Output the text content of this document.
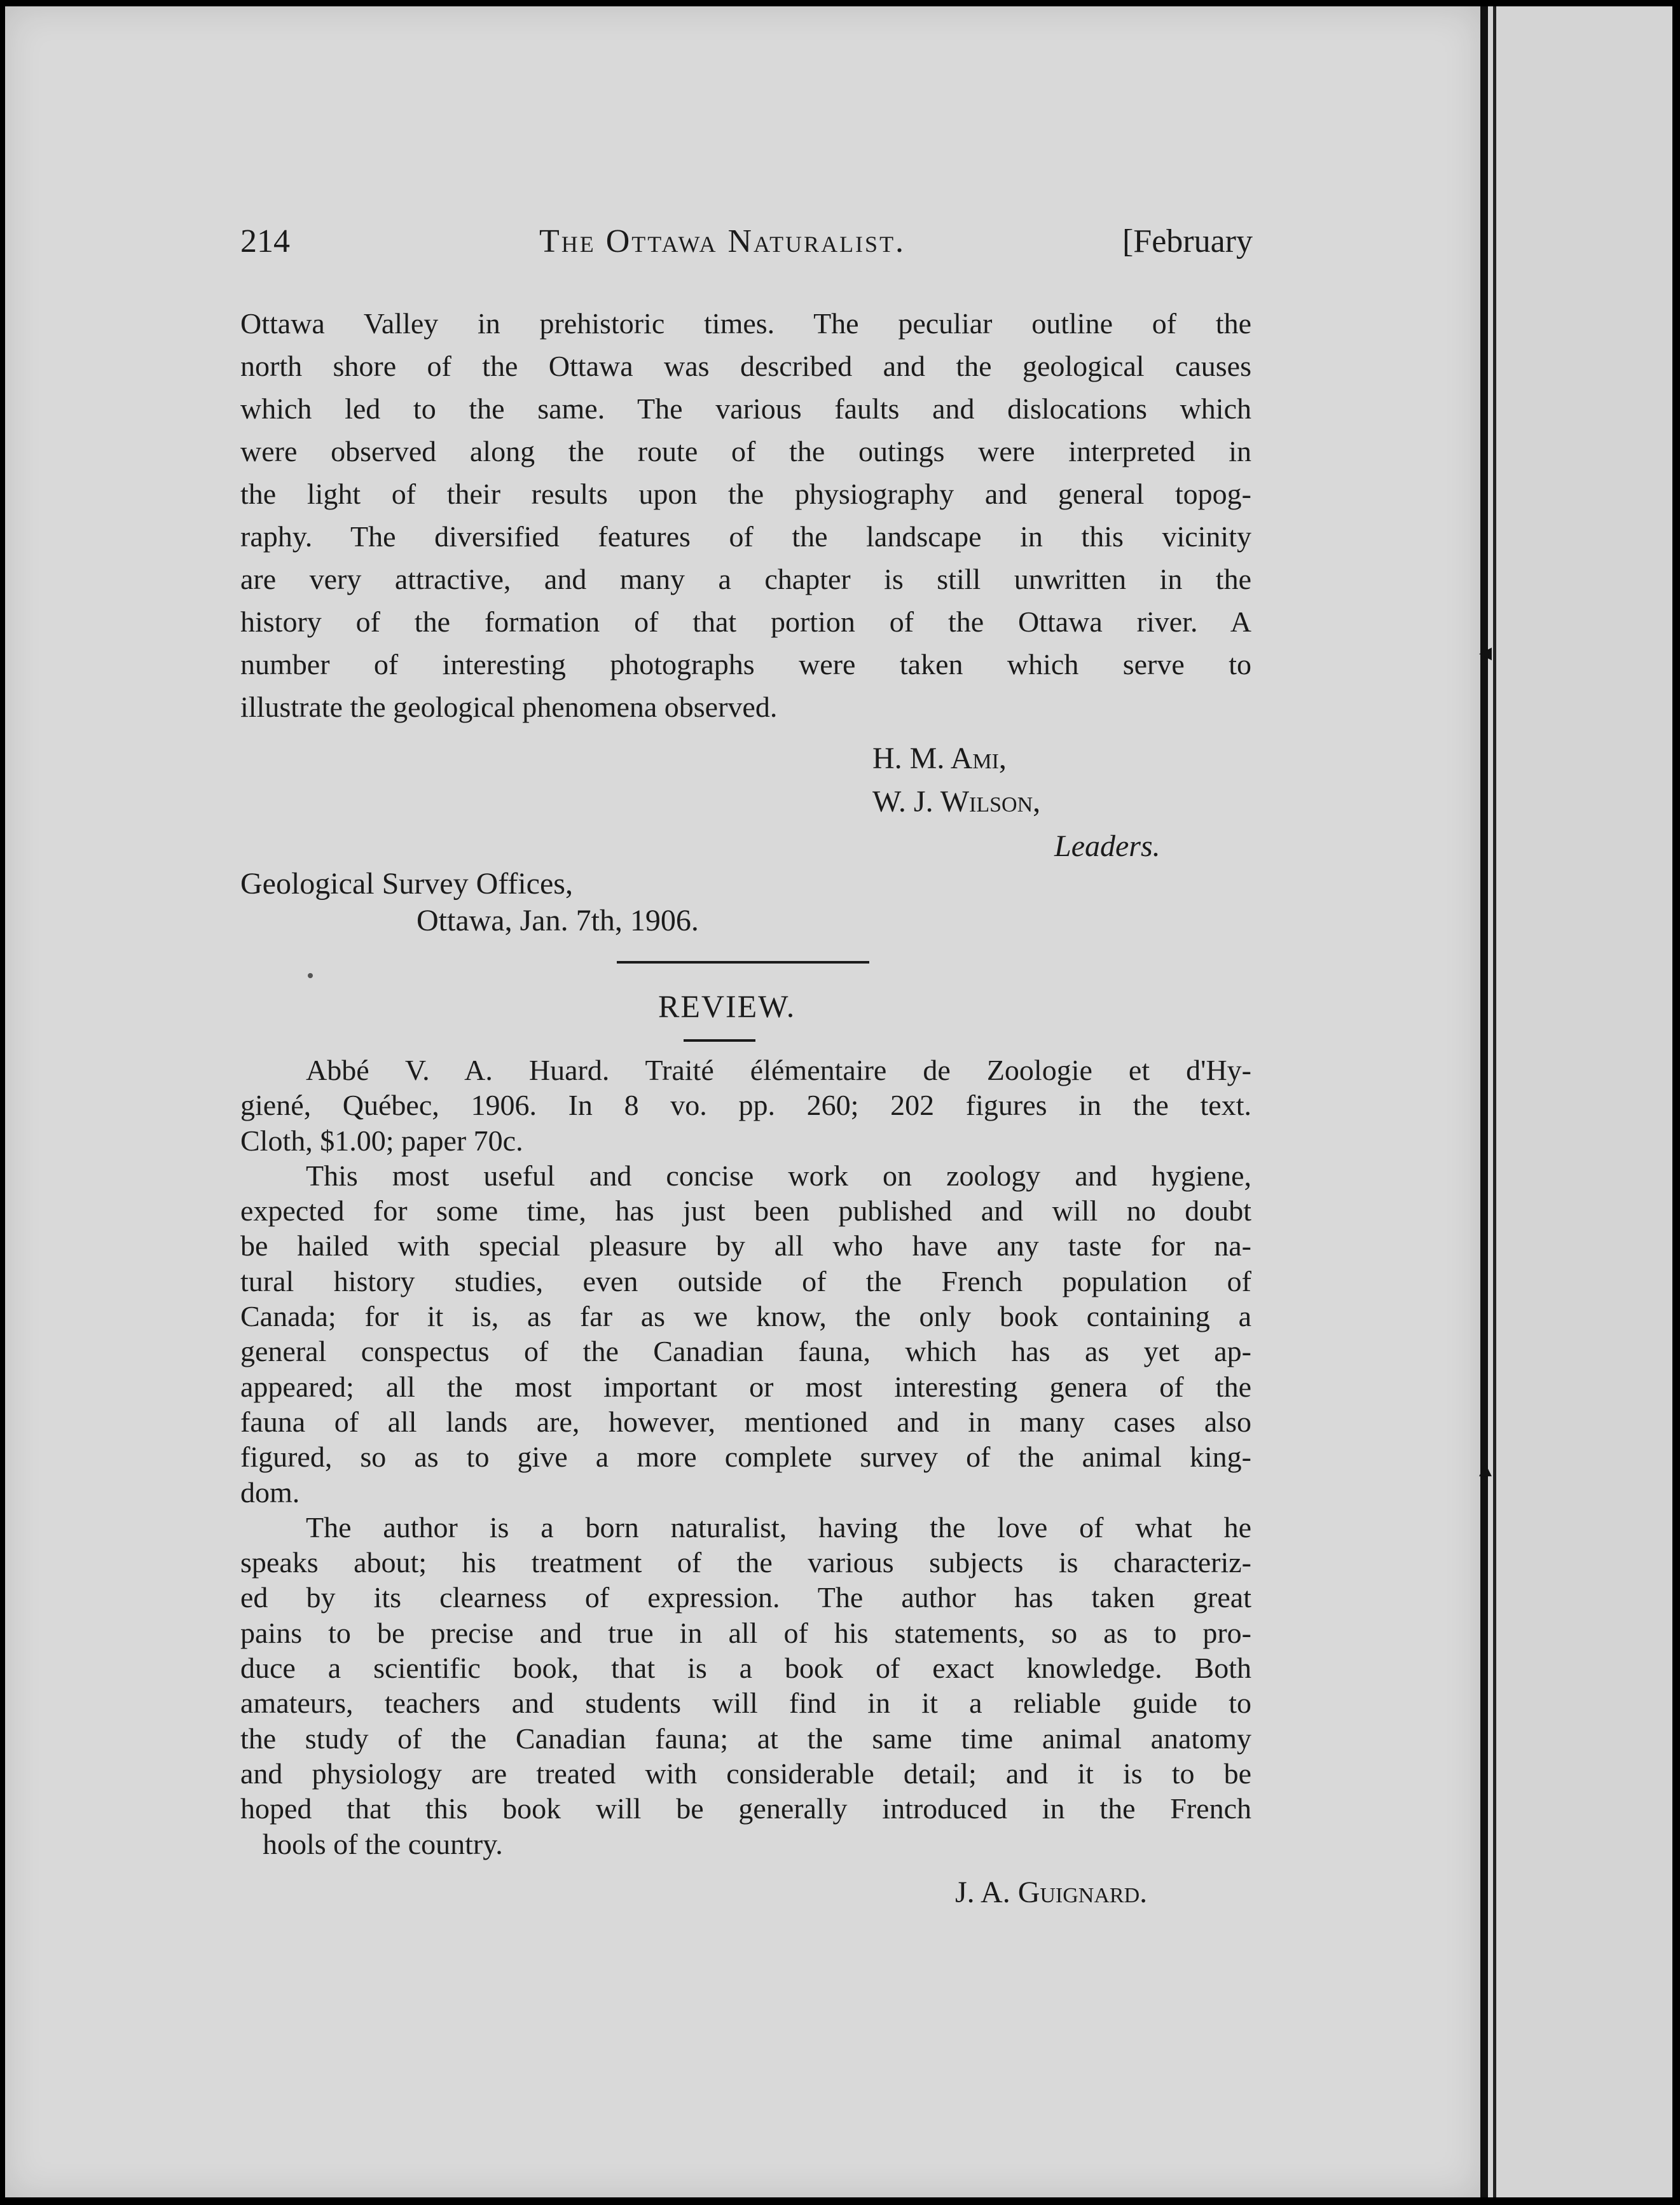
◀
▲
214	The Ottawa Naturalist.	[February
Ottawa Valley in prehistoric times. The peculiar outline of the
north shore of the Ottawa was described and the geological causes
which led to the same. The various faults and dislocations which
were observed along the route of the outings were interpreted in
the light of their results upon the physiography and general topog-
raphy. The diversified features of the landscape in this vicinity
are very attractive, and many a chapter is still unwritten in the
history of the formation of that portion of the Ottawa river. A
number of interesting photographs were taken which serve to
illustrate the geological phenomena observed.
H. M. Ami,
W. J. Wilson,
Leaders.
Geological Survey Offices,
Ottawa, Jan. 7th, 1906.
REVIEW.
Abbé V. A. Huard. Traité élémentaire de Zoologie et d'Hy-
giené, Québec, 1906. In 8 vo. pp. 260; 202 figures in the text.
Cloth, $1.00; paper 70c.
This most useful and concise work on zoology and hygiene,
expected for some time, has just been published and will no doubt
be hailed with special pleasure by all who have any taste for na-
tural history studies, even outside of the French population of
Canada; for it is, as far as we know, the only book containing a
general conspectus of the Canadian fauna, which has as yet ap-
appeared; all the most important or most interesting genera of the
fauna of all lands are, however, mentioned and in many cases also
figured, so as to give a more complete survey of the animal king-
dom.
The author is a born naturalist, having the love of what he
speaks about; his treatment of the various subjects is characteriz-
ed by its clearness of expression. The author has taken great
pains to be precise and true in all of his statements, so as to pro-
duce a scientific book, that is a book of exact knowledge. Both
amateurs, teachers and students will find in it a reliable guide to
the study of the Canadian fauna; at the same time animal anatomy
and physiology are treated with considerable detail; and it is to be
hoped that this book will be generally introduced in the French
hools of the country.
J. A. Guignard.
